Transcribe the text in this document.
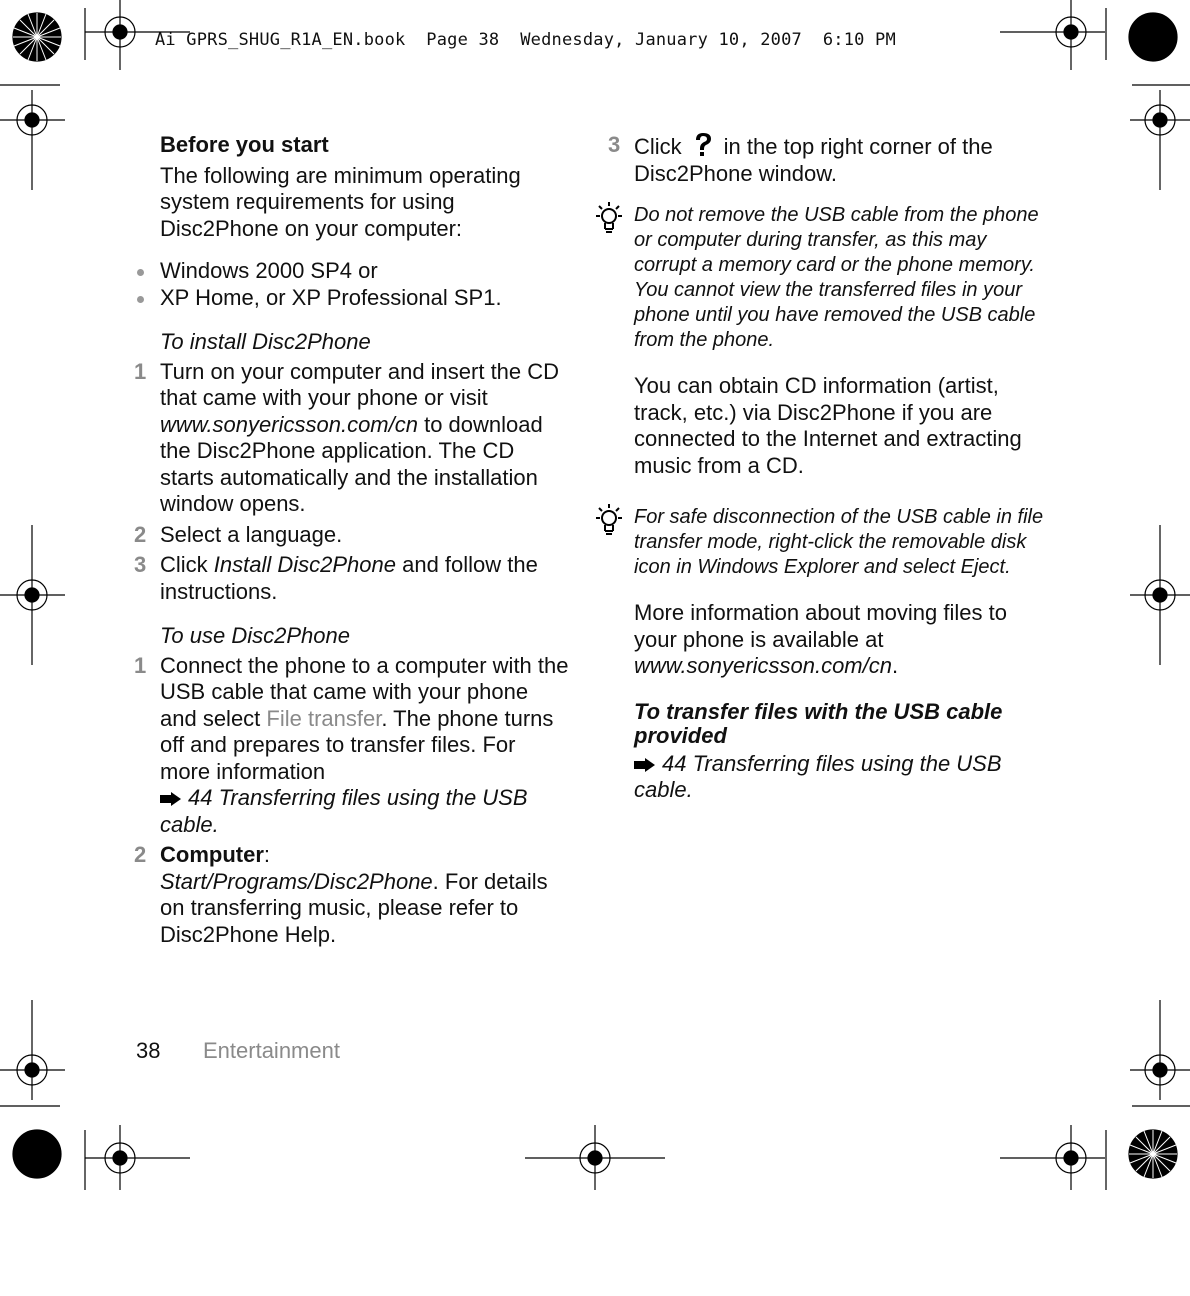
Ai GPRS_SHUG_R1A_EN.book  Page 38  Wednesday, January 10, 2007  6:10 PM

Before you start

The following are minimum operating system requirements for using Disc2Phone on your computer:

Windows 2000 SP4 or
XP Home, or XP Professional SP1.

To install Disc2Phone

1 Turn on your computer and insert the CD that came with your phone or visit www.sonyericsson.com/cn to download the Disc2Phone application. The CD starts automatically and the installation window opens.
2 Select a language.
3 Click Install Disc2Phone and follow the instructions.

To use Disc2Phone

1 Connect the phone to a computer with the USB cable that came with your phone and select File transfer. The phone turns off and prepares to transfer files. For more information
44 Transferring files using the USB cable.
2 Computer:
Start/Programs/Disc2Phone. For details on transferring music, please refer to Disc2Phone Help.
3 Click in the top right corner of the Disc2Phone window.
Do not remove the USB cable from the phone or computer during transfer, as this may corrupt a memory card or the phone memory. You cannot view the transferred files in your phone until you have removed the USB cable from the phone.

You can obtain CD information (artist, track, etc.) via Disc2Phone if you are connected to the Internet and extracting music from a CD.

For safe disconnection of the USB cable in file transfer mode, right-click the removable disk icon in Windows Explorer and select Eject.

More information about moving files to your phone is available at www.sonyericsson.com/cn.

To transfer files with the USB cable provided

44 Transferring files using the USB cable.

38 Entertainment
